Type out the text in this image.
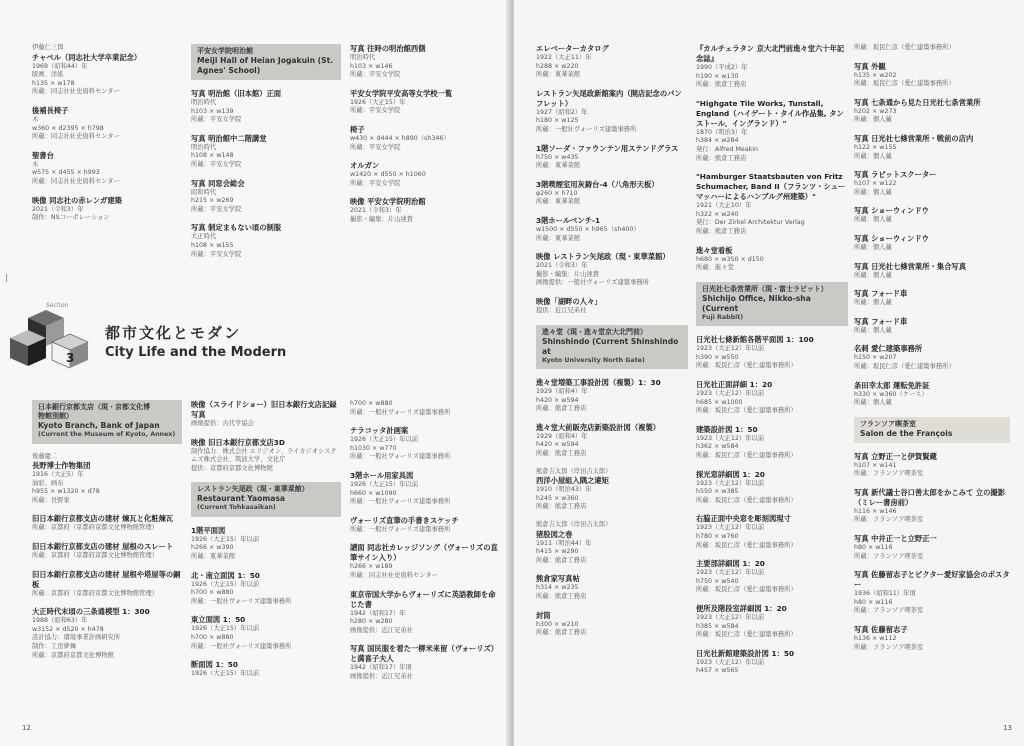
伊藤仁三郎
チャペル（同志社大学卒業記念）
1969（昭和44）年
版画、洋紙
h135 × w178
所蔵：同志社社史資料センター
後補長椅子
木
w360 × d2395 × h798
所蔵：同志社社史資料センター
聖書台
木
w575 × d455 × h993
所蔵：同志社社史資料センター
映像 同志社の赤レンガ建築
2021（令和3）年
制作：NSコーポレーション
平安女学院明治館
Meiji Hall of Heian Jogakuin (St.
Agnes' School)
写真 明治館（旧本館）正面
明治時代
h103 × w139
所蔵：平安女学院
写真 明治館中二階講堂
明治時代
h108 × w148
所蔵：平安女学院
写真 同窓会総会
昭和時代
h215 × w269
所蔵：平安女学院
写真 制定まもない頃の制服
大正時代
h108 × w155
所蔵：平安女学院
写真 往時の明治館西側
明治時代
h103 × w146
所蔵：平安女学院
平安女学院平安高等女学校一覧
1926（大正15）年
所蔵：平安女学院
椅子
w430 × d444 × h890（sh346）
所蔵：平安女学院
オルガン
w1420 × d550 × h1060
所蔵：平安女学院
映像 平安女学院明治館
2021（令和3）年
撮影・編集：片山達貴
Section
3
都市文化とモダン
City Life and the Modern
日本銀行京都支店（現・京都文化博
物館別館）
Kyoto Branch, Bank of Japan
(Current the Museum of Kyoto, Annex)
後藤慶二
長野博士作物集団
1916（大正5）年
油彩、画布
h955 × w1320 × d78
所蔵：長野家
旧日本銀行京都支店の建材 煉瓦と化粧煉瓦
所蔵：京都府（京都府京都文化博物館管理）
旧日本銀行京都支店の建材 屋根のスレート
所蔵：京都府（京都府京都文化博物館管理）
旧日本銀行京都支店の建材 屋根や塔屋等の銅板
所蔵：京都府（京都府京都文化博物館管理）
大正時代末頃の三条通模型 1：300
1988（昭和63）年
w3152 × d520 × h478
設計協力：環境事業計画研究所
制作：工房夢舞
所蔵：京都府京都文化博物館
映像（スライドショー）旧日本銀行支店記録写真
画像提供：古代学協会
映像 旧日本銀行京都支店3D
制作協力：株式会社 エリジオン、ライカジオシステムズ株式会社、筑波大学、文化庁
提供：京都府京都文化博物館
レストラン矢尾政（現・東華菜館）
Restaurant Yaomasa
(Current Tohkasaikan)
1階平面図
1926（大正15）年以前
h266 × w390
所蔵：東華菜館
北・南立面図 1：50
1926（大正15）年以前
h700 × w880
所蔵：一般社ヴォーリズ建築事務所
東立面図 1：50
1926（大正15）年以前
h700 × w880
所蔵：一般社ヴォーリズ建築事務所
断面図 1：50
1926（大正15）年以前
h700 × w880
所蔵：一般社ヴォーリズ建築事務所
テラコッタ計画案
1926（大正15）年以前
h1030 × w770
所蔵：一般社ヴォーリズ建築事務所
3階ホール用家具図
1926（大正15）年以前
h660 × w1090
所蔵：一般社ヴォーリズ建築事務所
ヴォーリズ直筆の手書きスケッチ
所蔵：一般社ヴォーリズ建築事務所
譜面 同志社カレッジソング（ヴォーリズの直筆サイン入り）
h266 × w189
所蔵：同志社社史資料センター
東京帝国大学からヴォーリズに英語教師を命じた書
1942（昭和17）年
h280 × w280
画像提供：近江兄弟社
写真 国民服を着た一柳米来留（ヴォーリズ）と満喜子夫人
1942（昭和17）年頃
画像提供：近江兄弟社
12
エレベーターカタログ
1922（大正11）年
h288 × w220
所蔵：東華菜館
レストラン矢尾政新館案内（開店記念のパンフレット）
1927（昭和2）年
h180 × w125
所蔵：一般社ヴォーリズ建築事務所
1階ソーダ・ファウンテン用ステンドグラス
h750 × w435
所蔵：東華菜館
3階喫煙室用灰鋳台-4（八角形天板）
φ260 × h710
所蔵：東華菜館
3階ホールベンチ-1
w1500 × d550 × h965（sh400）
所蔵：東華菜館
映像 レストラン矢尾政（現・東華菜館）
2021（令和3）年
撮影・編集：片山達貴
画像提供：一般社ヴォーリズ建築事務所
映像「湖畔の人々」
提供：近江兄弟社
進々堂（現・進々堂京大北門前）
Shinshindo (Current Shinshindo at
Kyoto University North Gate)
進々堂増築工事設計図（複製）1：30
1929（昭和4）年
h420 × w594
所蔵：熊倉工務店
進々堂大前販売店新築設計図（複製）
1929（昭和4）年
h420 × w594
所蔵：熊倉工務店
熊倉吉太郎（岸田吉太郎）
西洋小屋組入隅之違矩
1910（明治43）年
h245 × w360
所蔵：熊倉工務店
熊倉吉太郎（岸田吉太郎）
猪股図之巻
1911（明治44）年
h415 × w290
所蔵：熊倉工務店
熊倉家写真帖
h314 × w235
所蔵：熊倉工務店
封筒
h300 × w210
所蔵：熊倉工務店
『カルチェラタン 京大北門前進々堂六十年記念誌』
1990（平成2）年
h190 × w130
所蔵：熊倉工務店
"Highgate Tile Works, Tunstall, England（ハイゲート・タイル作品集, タンストール、イングランド）"
1870（明治3）年
h384 × w284
発行：Alfred Meakin
所蔵：熊倉工務店
"Hamburger Staatsbauten von Fritz Schumacher, Band II（フランツ・シューマッハーによるハンブルグ州建築）"
1921（大正10）年
h322 × w240
発行：Der Zirkel Architektur Verlag
所蔵：熊倉工務店
進々堂看板
h680 × w350 × d150
所蔵：進々堂
日光社七条営業所（現・富士ラビット）
Shichijo Office, Nikko-sha (Current
Fuji Rabbit)
日光社七條新館各階平面図 1：100
1923（大正12）年以前
h390 × w550
所蔵：坂民仁彦（愛仁建築事務所）
日光社正面詳細 1：20
1923（大正12）年以前
h685 × w1000
所蔵：坂民仁彦（愛仁建築事務所）
建築設計図 1：50
1923（大正12）年以前
h362 × w584
所蔵：坂民仁彦（愛仁建築事務所）
採光窓詳細図 1：20
1923（大正12）年以前
h550 × w385
所蔵：坂民仁彦（愛仁建築事務所）
右脇正面中央窓を彫刻図現寸
1923（大正12）年以前
h780 × w760
所蔵：坂民仁彦（愛仁建築事務所）
主要部詳細図 1：20
1923（大正12）年以前
h750 × w540
所蔵：坂民仁彦（愛仁建築事務所）
便所及階段室詳細図 1：20
1923（大正12）年以前
h385 × w584
所蔵：坂民仁彦（愛仁建築事務所）
日光社新館建築設計図 1：50
1923（大正12）年以前
h457 × w565
所蔵：坂民仁彦（愛仁建築事務所）
写真 外観
h135 × w202
所蔵：坂民仁彦（愛仁建築事務所）
写真 七条通から見た日光社七条営業所
h202 × w273
所蔵：個人蔵
写真 日光社七條営業所・戦前の店内
h122 × w155
所蔵：個人蔵
写真 ラビットスクーター
h107 × w122
所蔵：個人蔵
写真 ショーウィンドウ
所蔵：個人蔵
写真 ショーウィンドウ
所蔵：個人蔵
写真 日光社七條営業所・集合写真
所蔵：個人蔵
写真 フォード車
所蔵：個人蔵
写真 フォード車
所蔵：個人蔵
名刺 愛仁建築事務所
h150 × w207
所蔵：坂民仁彦（愛仁建築事務所）
条田幸太郎 運転免許証
h330 × w360（ケース）
所蔵：個人蔵
フランソア喫茶室
Salon de the François
写真 立野正一と伊賀賢蔵
h107 × w141
所蔵：フランソア喫茶室
写真 新代議士谷口善太郎をかこみて 立の撮影（ミレー書房前）
h116 × w146
所蔵：フランソア喫茶室
写真 中井正一と立野正一
h80 × w116
所蔵：フランソア喫茶室
写真 佐藤留志子とピクター愛好家協会のポスター
1936（昭和11）年頃
h80 × w116
所蔵：フランソア喫茶室
写真 佐藤留志子
h136 × w112
所蔵：フランソア喫茶室
13
